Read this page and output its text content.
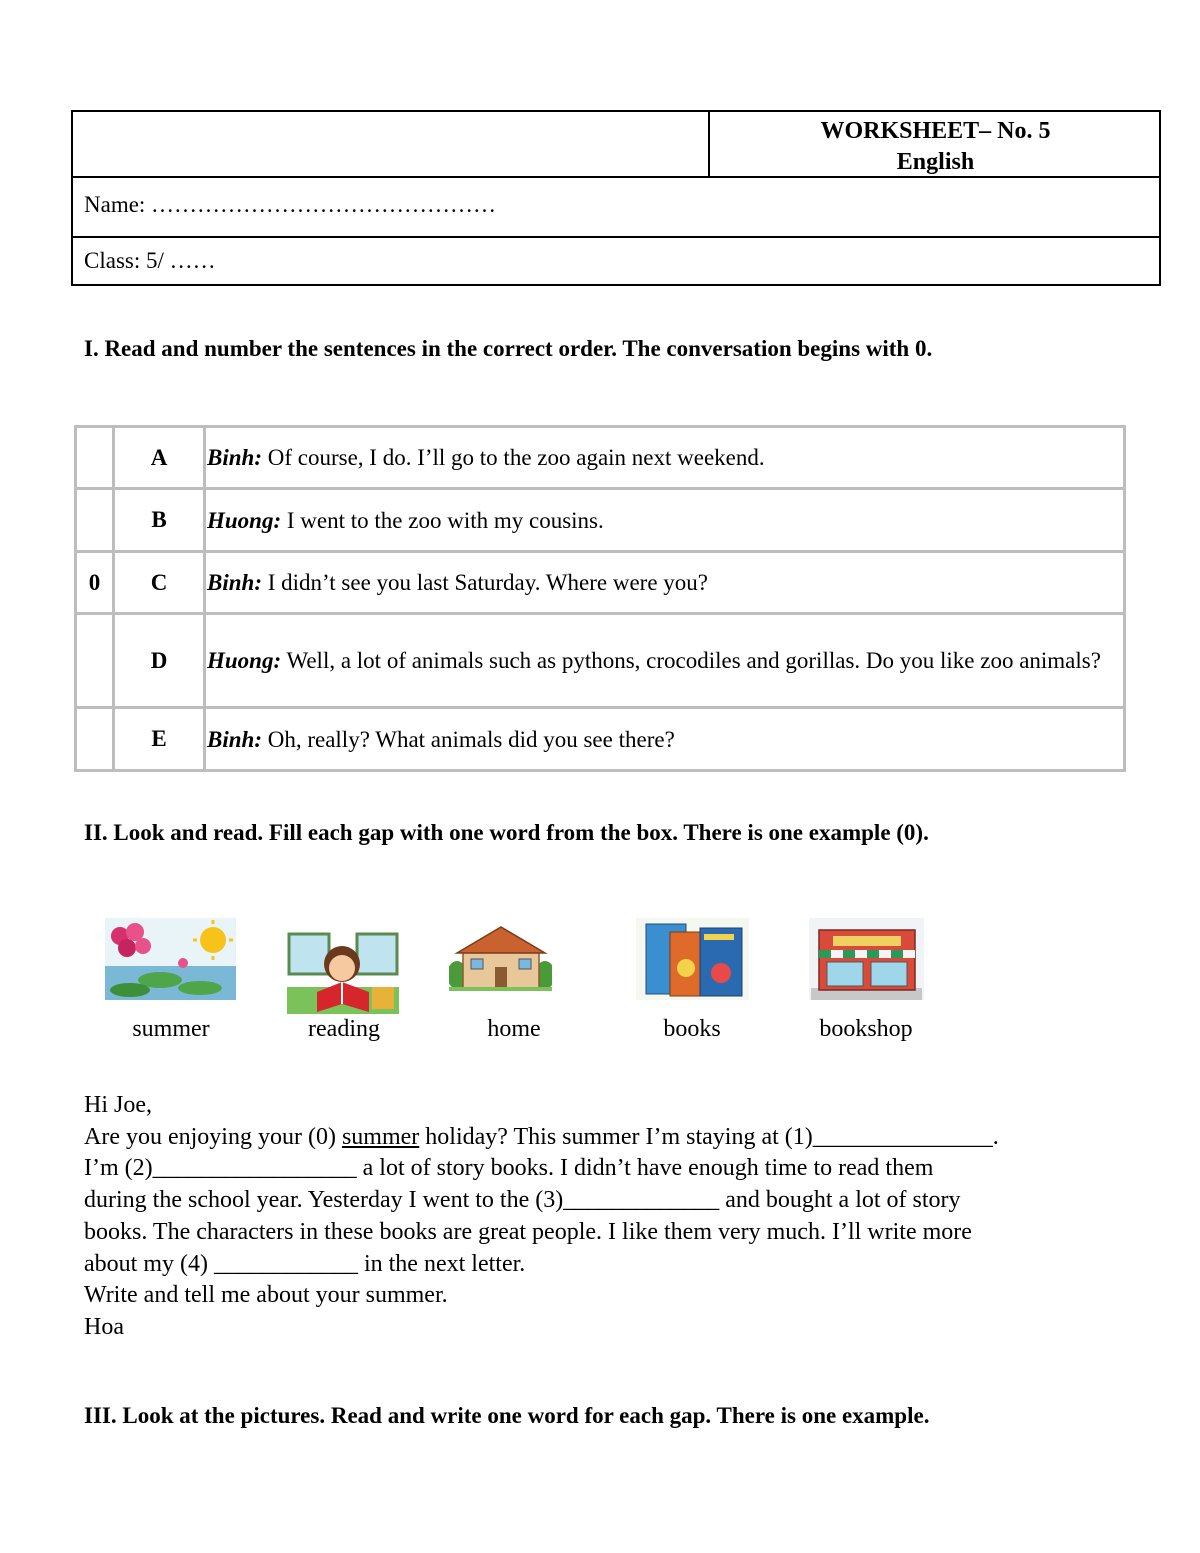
WORKSHEET– No. 5
English
Name: ………………………………………
Class: 5/ ……
I. Read and number the sentences in the correct order. The conversation begins with 0.
	A	Binh: Of course, I do. I’ll go to the zoo again next weekend.
	B	Huong: I went to the zoo with my cousins.
0	C	Binh: I didn’t see you last Saturday. Where were you?
	D	Huong: Well, a lot of animals such as pythons, crocodiles and gorillas. Do you like zoo animals?
	E	Binh: Oh, really? What animals did you see there?
II. Look and read. Fill each gap with one word from the box. There is one example (0).
summer	reading	home	books	bookshop

Hi Joe,

Are you enjoying your (0) summer holiday? This summer I’m staying at (1)_______________.

I’m (2)_________________ a lot of story books. I didn’t have enough time to read them

during the school year. Yesterday I went to the (3)_____________ and bought a lot of story

books. The characters in these books are great people. I like them very much. I’ll write more

about my (4) ____________ in the next letter.

Write and tell me about your summer.

Hoa

III. Look at the pictures. Read and write one word for each gap. There is one example.
